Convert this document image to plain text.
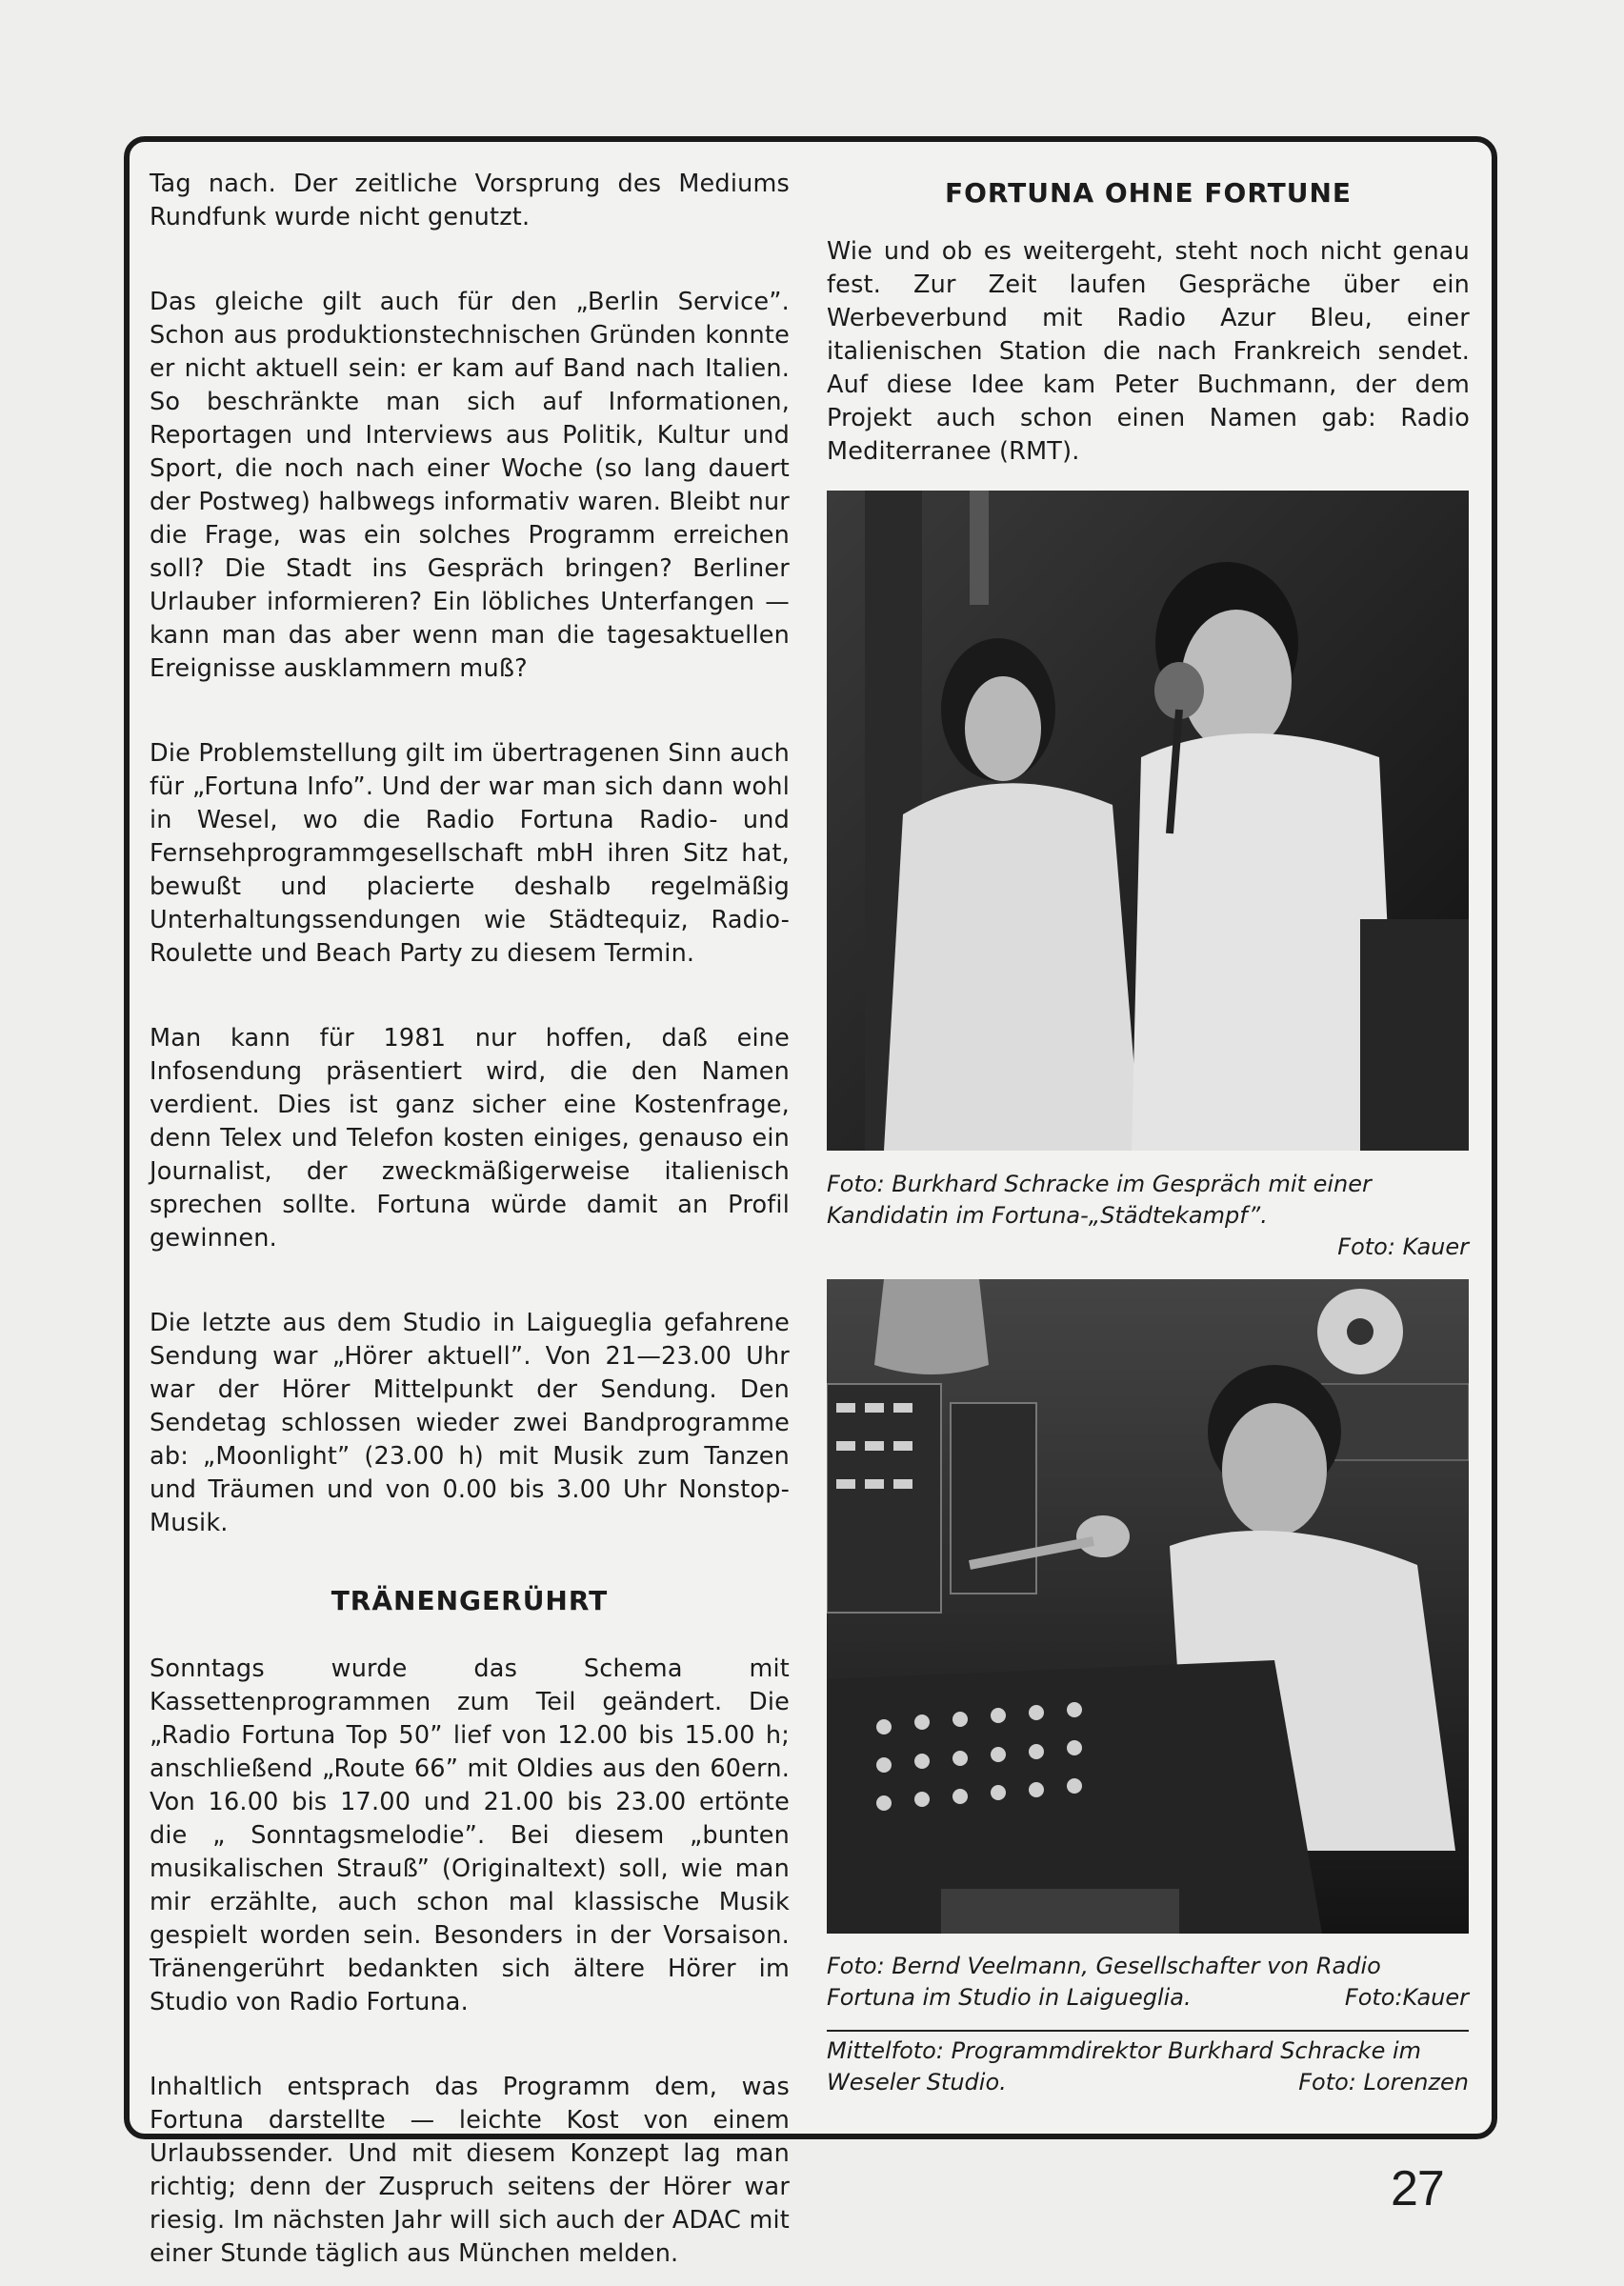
Tag nach. Der zeitliche Vorsprung des Mediums Rundfunk wurde nicht genutzt.

Das gleiche gilt auch für den „Berlin Service”. Schon aus produktionstechnischen Gründen konnte er nicht aktuell sein: er kam auf Band nach Italien. So beschränkte man sich auf Informationen, Reportagen und Interviews aus Politik, Kultur und Sport, die noch nach einer Woche (so lang dauert der Postweg) halbwegs informativ waren. Bleibt nur die Frage, was ein solches Programm erreichen soll? Die Stadt ins Gespräch bringen? Berliner Urlauber informieren? Ein löbliches Unterfangen — kann man das aber wenn man die tagesaktuellen Ereignisse ausklammern muß?

Die Problemstellung gilt im übertragenen Sinn auch für „Fortuna Info”. Und der war man sich dann wohl in Wesel, wo die Radio Fortuna Radio- und Fernsehprogrammgesellschaft mbH ihren Sitz hat, bewußt und placierte deshalb regelmäßig Unterhaltungssendungen wie Städtequiz, Radio-Roulette und Beach Party zu diesem Termin.

Man kann für 1981 nur hoffen, daß eine Infosendung präsentiert wird, die den Namen verdient. Dies ist ganz sicher eine Kostenfrage, denn Telex und Telefon kosten einiges, genauso ein Journalist, der zweckmäßigerweise italienisch sprechen sollte. Fortuna würde damit an Profil gewinnen.

Die letzte aus dem Studio in Laigueglia gefahrene Sendung war „Hörer aktuell”. Von 21—23.00 Uhr war der Hörer Mittelpunkt der Sendung. Den Sendetag schlossen wieder zwei Bandprogramme ab: „Moonlight” (23.00 h) mit Musik zum Tanzen und Träumen und von 0.00 bis 3.00 Uhr Nonstop-Musik.

TRÄNENGERÜHRT

Sonntags wurde das Schema mit Kassettenprogrammen zum Teil geändert. Die „Radio Fortuna Top 50” lief von 12.00 bis 15.00 h; anschließend „Route 66” mit Oldies aus den 60ern. Von 16.00 bis 17.00 und 21.00 bis 23.00 ertönte die „ Sonntagsmelodie”. Bei diesem „bunten musikalischen Strauß” (Originaltext) soll, wie man mir erzählte, auch schon mal klassische Musik gespielt worden sein. Besonders in der Vorsaison. Tränengerührt bedankten sich ältere Hörer im Studio von Radio Fortuna.

Inhaltlich entsprach das Programm dem, was Fortuna darstellte — leichte Kost von einem Urlaubssender. Und mit diesem Konzept lag man richtig; denn der Zuspruch seitens der Hörer war riesig. Im nächsten Jahr will sich auch der ADAC mit einer Stunde täglich aus München melden.

FORTUNA OHNE FORTUNE

Wie und ob es weitergeht, steht noch nicht genau fest. Zur Zeit laufen Gespräche über ein Werbeverbund mit Radio Azur Bleu, einer italienischen Station die nach Frankreich sendet. Auf diese Idee kam Peter Buchmann, der dem Projekt auch schon einen Namen gab: Radio Mediterranee (RMT).

Foto: Burkhard Schracke im Gespräch mit einer Kandidatin im Fortuna-„Städtekampf”.
Foto: Kauer

Foto: Bernd Veelmann, Gesellschafter von Radio Fortuna im Studio in Laigueglia.	Foto:Kauer

Mittelfoto: Programmdirektor Burkhard Schracke im Weseler Studio.	Foto: Lorenzen

27
